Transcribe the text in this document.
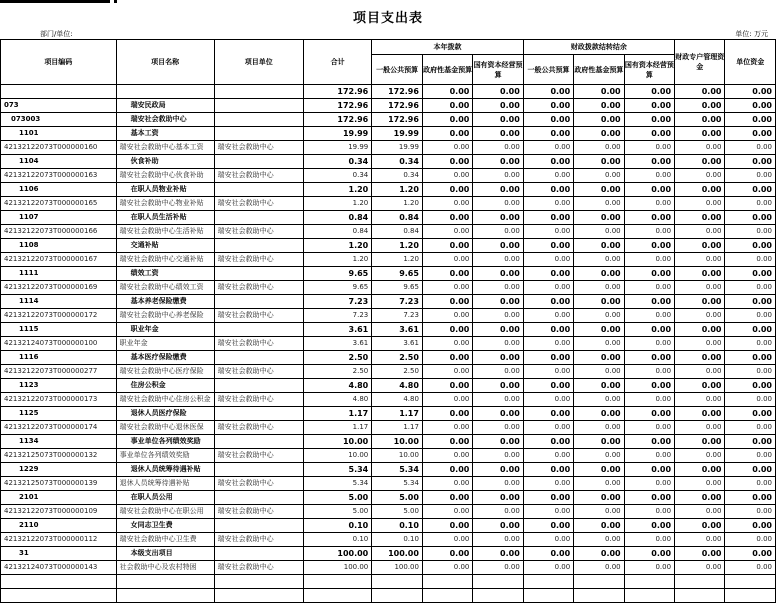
项目支出表
部门/单位:	单位: 万元
项目编码	项目名称	项目单位	合计	本年拨款			财政拨款结转结余			财政专户管理资金	单位资金
				一般公共预算	政府性基金预算	国有资本经营预算	一般公共预算	政府性基金预算	国有资本经营预算		
			172.96	172.96	0.00	0.00	0.00	0.00	0.00	0.00	0.00
073	瑞安民政局		172.96	172.96	0.00	0.00	0.00	0.00	0.00	0.00	0.00
073003	瑞安社会救助中心		172.96	172.96	0.00	0.00	0.00	0.00	0.00	0.00	0.00
1101	基本工资		19.99	19.99	0.00	0.00	0.00	0.00	0.00	0.00	0.00
42132122073T000000160	瑞安社会救助中心基本工资	瑞安社会救助中心	19.99	19.99	0.00	0.00	0.00	0.00	0.00	0.00	0.00
1104	伙食补助		0.34	0.34	0.00	0.00	0.00	0.00	0.00	0.00	0.00
42132122073T000000163	瑞安社会救助中心伙食补助	瑞安社会救助中心	0.34	0.34	0.00	0.00	0.00	0.00	0.00	0.00	0.00
1106	在职人员物业补贴		1.20	1.20	0.00	0.00	0.00	0.00	0.00	0.00	0.00
42132122073T000000165	瑞安社会救助中心物业补贴	瑞安社会救助中心	1.20	1.20	0.00	0.00	0.00	0.00	0.00	0.00	0.00
1107	在职人员生活补贴		0.84	0.84	0.00	0.00	0.00	0.00	0.00	0.00	0.00
42132122073T000000166	瑞安社会救助中心生活补贴	瑞安社会救助中心	0.84	0.84	0.00	0.00	0.00	0.00	0.00	0.00	0.00
1108	交通补贴		1.20	1.20	0.00	0.00	0.00	0.00	0.00	0.00	0.00
42132122073T000000167	瑞安社会救助中心交通补贴	瑞安社会救助中心	1.20	1.20	0.00	0.00	0.00	0.00	0.00	0.00	0.00
1111	绩效工资		9.65	9.65	0.00	0.00	0.00	0.00	0.00	0.00	0.00
42132122073T000000169	瑞安社会救助中心绩效工资	瑞安社会救助中心	9.65	9.65	0.00	0.00	0.00	0.00	0.00	0.00	0.00
1114	基本养老保险缴费		7.23	7.23	0.00	0.00	0.00	0.00	0.00	0.00	0.00
42132122073T000000172	瑞安社会救助中心养老保险	瑞安社会救助中心	7.23	7.23	0.00	0.00	0.00	0.00	0.00	0.00	0.00
1115	职业年金		3.61	3.61	0.00	0.00	0.00	0.00	0.00	0.00	0.00
42132124073T000000100	职业年金	瑞安社会救助中心	3.61	3.61	0.00	0.00	0.00	0.00	0.00	0.00	0.00
1116	基本医疗保险缴费		2.50	2.50	0.00	0.00	0.00	0.00	0.00	0.00	0.00
42132122073T000000277	瑞安社会救助中心医疗保险	瑞安社会救助中心	2.50	2.50	0.00	0.00	0.00	0.00	0.00	0.00	0.00
1123	住房公积金		4.80	4.80	0.00	0.00	0.00	0.00	0.00	0.00	0.00
42132122073T000000173	瑞安社会救助中心住房公积金	瑞安社会救助中心	4.80	4.80	0.00	0.00	0.00	0.00	0.00	0.00	0.00
1125	退休人员医疗保险		1.17	1.17	0.00	0.00	0.00	0.00	0.00	0.00	0.00
42132122073T000000174	瑞安社会救助中心退休医保	瑞安社会救助中心	1.17	1.17	0.00	0.00	0.00	0.00	0.00	0.00	0.00
1134	事业单位各列绩效奖励		10.00	10.00	0.00	0.00	0.00	0.00	0.00	0.00	0.00
42132125073T000000132	事业单位各列绩效奖励	瑞安社会救助中心	10.00	10.00	0.00	0.00	0.00	0.00	0.00	0.00	0.00
1229	退休人员统筹待遇补贴		5.34	5.34	0.00	0.00	0.00	0.00	0.00	0.00	0.00
42132125073T000000139	退休人员统筹待遇补贴	瑞安社会救助中心	5.34	5.34	0.00	0.00	0.00	0.00	0.00	0.00	0.00
2101	在职人员公用		5.00	5.00	0.00	0.00	0.00	0.00	0.00	0.00	0.00
42132122073T000000109	瑞安社会救助中心在职公用	瑞安社会救助中心	5.00	5.00	0.00	0.00	0.00	0.00	0.00	0.00	0.00
2110	女同志卫生费		0.10	0.10	0.00	0.00	0.00	0.00	0.00	0.00	0.00
42132122073T000000112	瑞安社会救助中心卫生费	瑞安社会救助中心	0.10	0.10	0.00	0.00	0.00	0.00	0.00	0.00	0.00
31	本级支出项目		100.00	100.00	0.00	0.00	0.00	0.00	0.00	0.00	0.00
42132124073T000000143	社会救助中心及农村特困	瑞安社会救助中心	100.00	100.00	0.00	0.00	0.00	0.00	0.00	0.00	0.00
